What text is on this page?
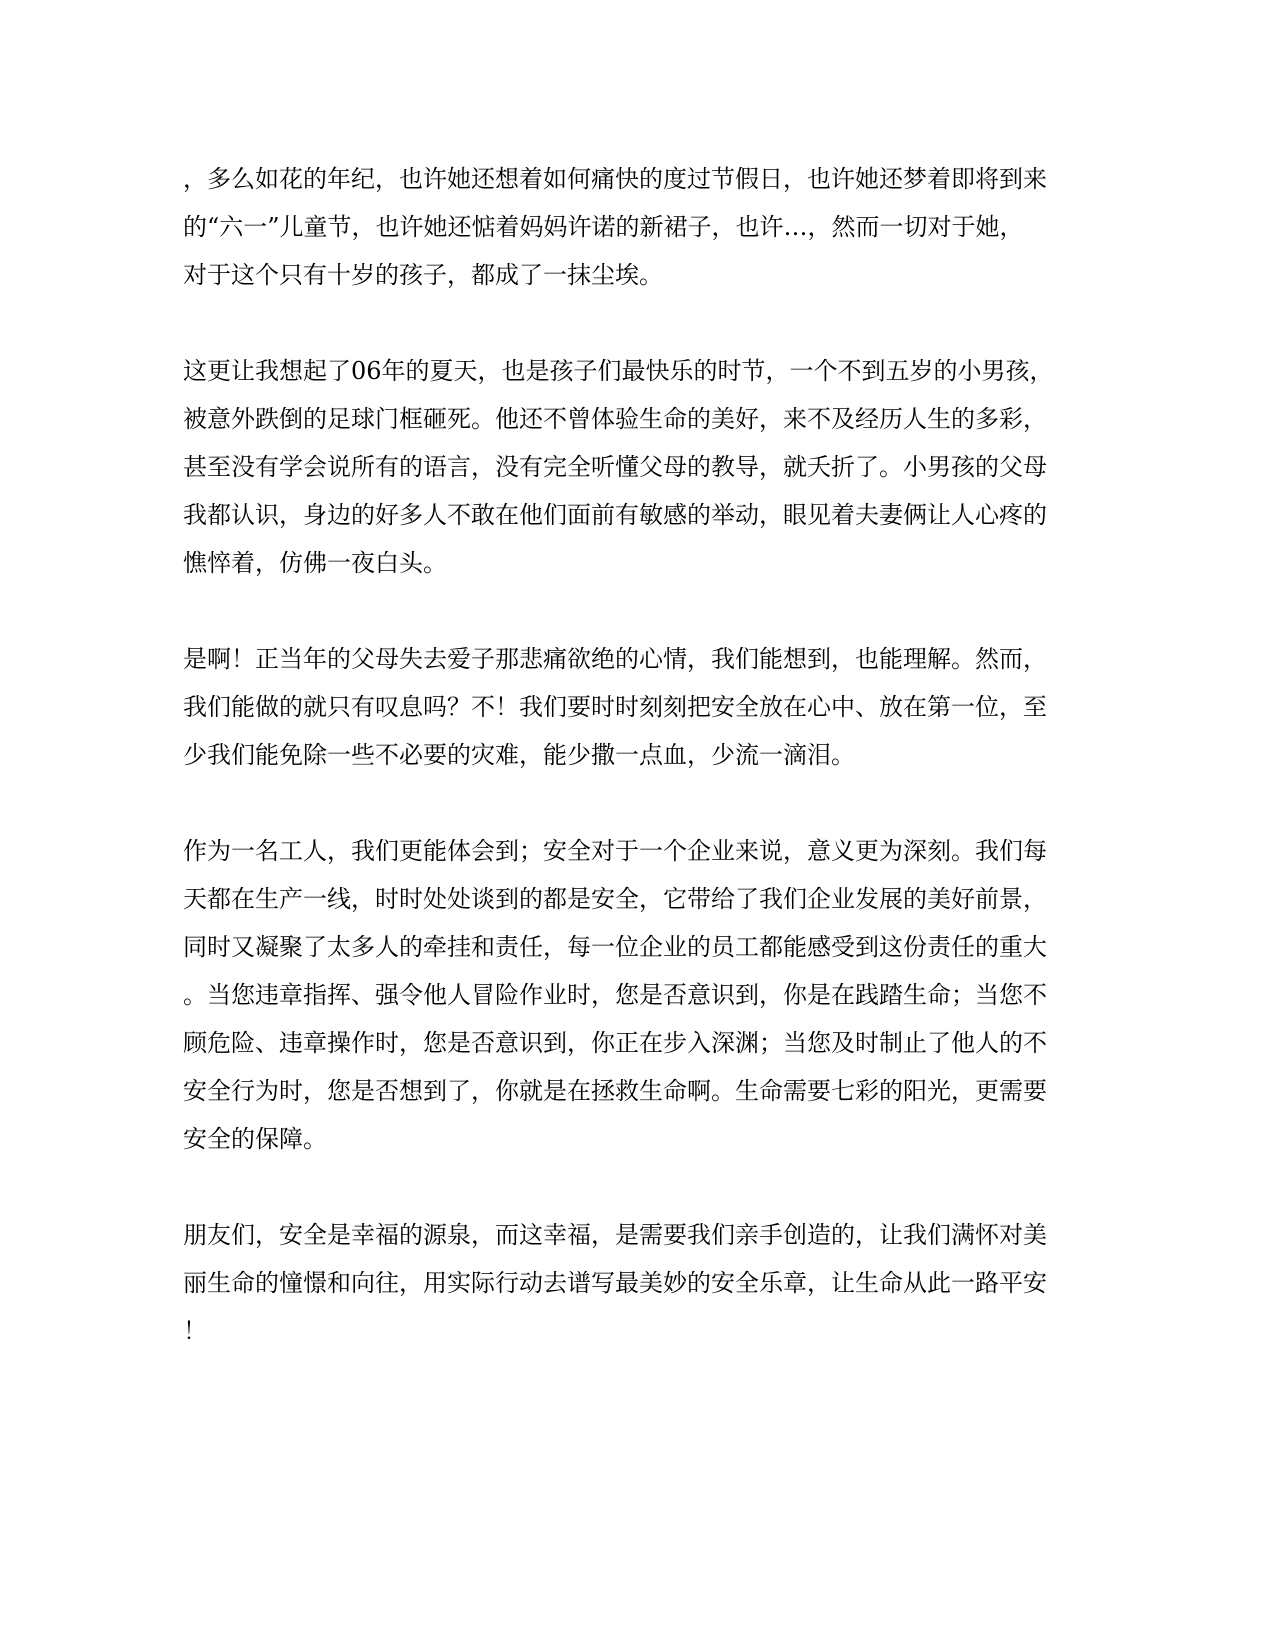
，多么如花的年纪，也许她还想着如何痛快的度过节假日，也许她还梦着即将到来
的“六一”儿童节，也许她还惦着妈妈许诺的新裙子，也许…，然而一切对于她，
对于这个只有十岁的孩子，都成了一抹尘埃。

这更让我想起了06年的夏天，也是孩子们最快乐的时节，一个不到五岁的小男孩，
被意外跌倒的足球门框砸死。他还不曾体验生命的美好，来不及经历人生的多彩，
甚至没有学会说所有的语言，没有完全听懂父母的教导，就夭折了。小男孩的父母
我都认识，身边的好多人不敢在他们面前有敏感的举动，眼见着夫妻俩让人心疼的
憔悴着，仿佛一夜白头。

是啊！正当年的父母失去爱子那悲痛欲绝的心情，我们能想到，也能理解。然而，
我们能做的就只有叹息吗？不！我们要时时刻刻把安全放在心中、放在第一位，至
少我们能免除一些不必要的灾难，能少撒一点血，少流一滴泪。

作为一名工人，我们更能体会到；安全对于一个企业来说，意义更为深刻。我们每
天都在生产一线，时时处处谈到的都是安全，它带给了我们企业发展的美好前景，
同时又凝聚了太多人的牵挂和责任，每一位企业的员工都能感受到这份责任的重大
。当您违章指挥、强令他人冒险作业时，您是否意识到，你是在践踏生命；当您不
顾危险、违章操作时，您是否意识到，你正在步入深渊；当您及时制止了他人的不
安全行为时，您是否想到了，你就是在拯救生命啊。生命需要七彩的阳光，更需要
安全的保障。

朋友们，安全是幸福的源泉，而这幸福，是需要我们亲手创造的，让我们满怀对美
丽生命的憧憬和向往，用实际行动去谱写最美妙的安全乐章，让生命从此一路平安
！
